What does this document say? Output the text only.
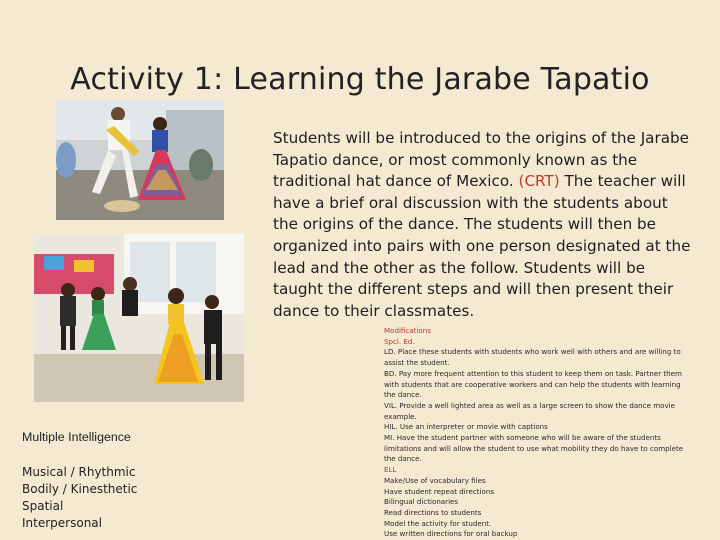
Activity 1: Learning the Jarabe Tapatio
Students will be introduced to the origins of the Jarabe Tapatio dance, or most commonly known as the traditional hat dance of Mexico. (CRT) The teacher will have a brief oral discussion with the students about the origins of the dance. The students will then be organized into pairs with one person designated at the lead and the other as the follow. Students will be taught the different steps and will then present their dance to their classmates.
Modifications
Spcl. Ed.
LD. Place these students with students who work well with others and are willing to assist the student.
BD. Pay more frequent attention to this student to keep them on task. Partner them with students that are cooperative workers and can help the students with learning the dance.
VIL. Provide a well lighted area as well as a large screen to show the dance movie example.
HIL. Use an interpreter or movie with captions
MI. Have the student partner with someone who will be aware of the students limitations and will allow the student to use what mobility they do have to complete the dance.
ELL
Make/Use of vocabulary files
Have student repeat directions
Bilingual dictionaries
Read directions to students
Model the activity for student.
Use written directions for oral backup
Multiple Intelligence
Musical / Rhythmic
Bodily / Kinesthetic
Spatial
Interpersonal
